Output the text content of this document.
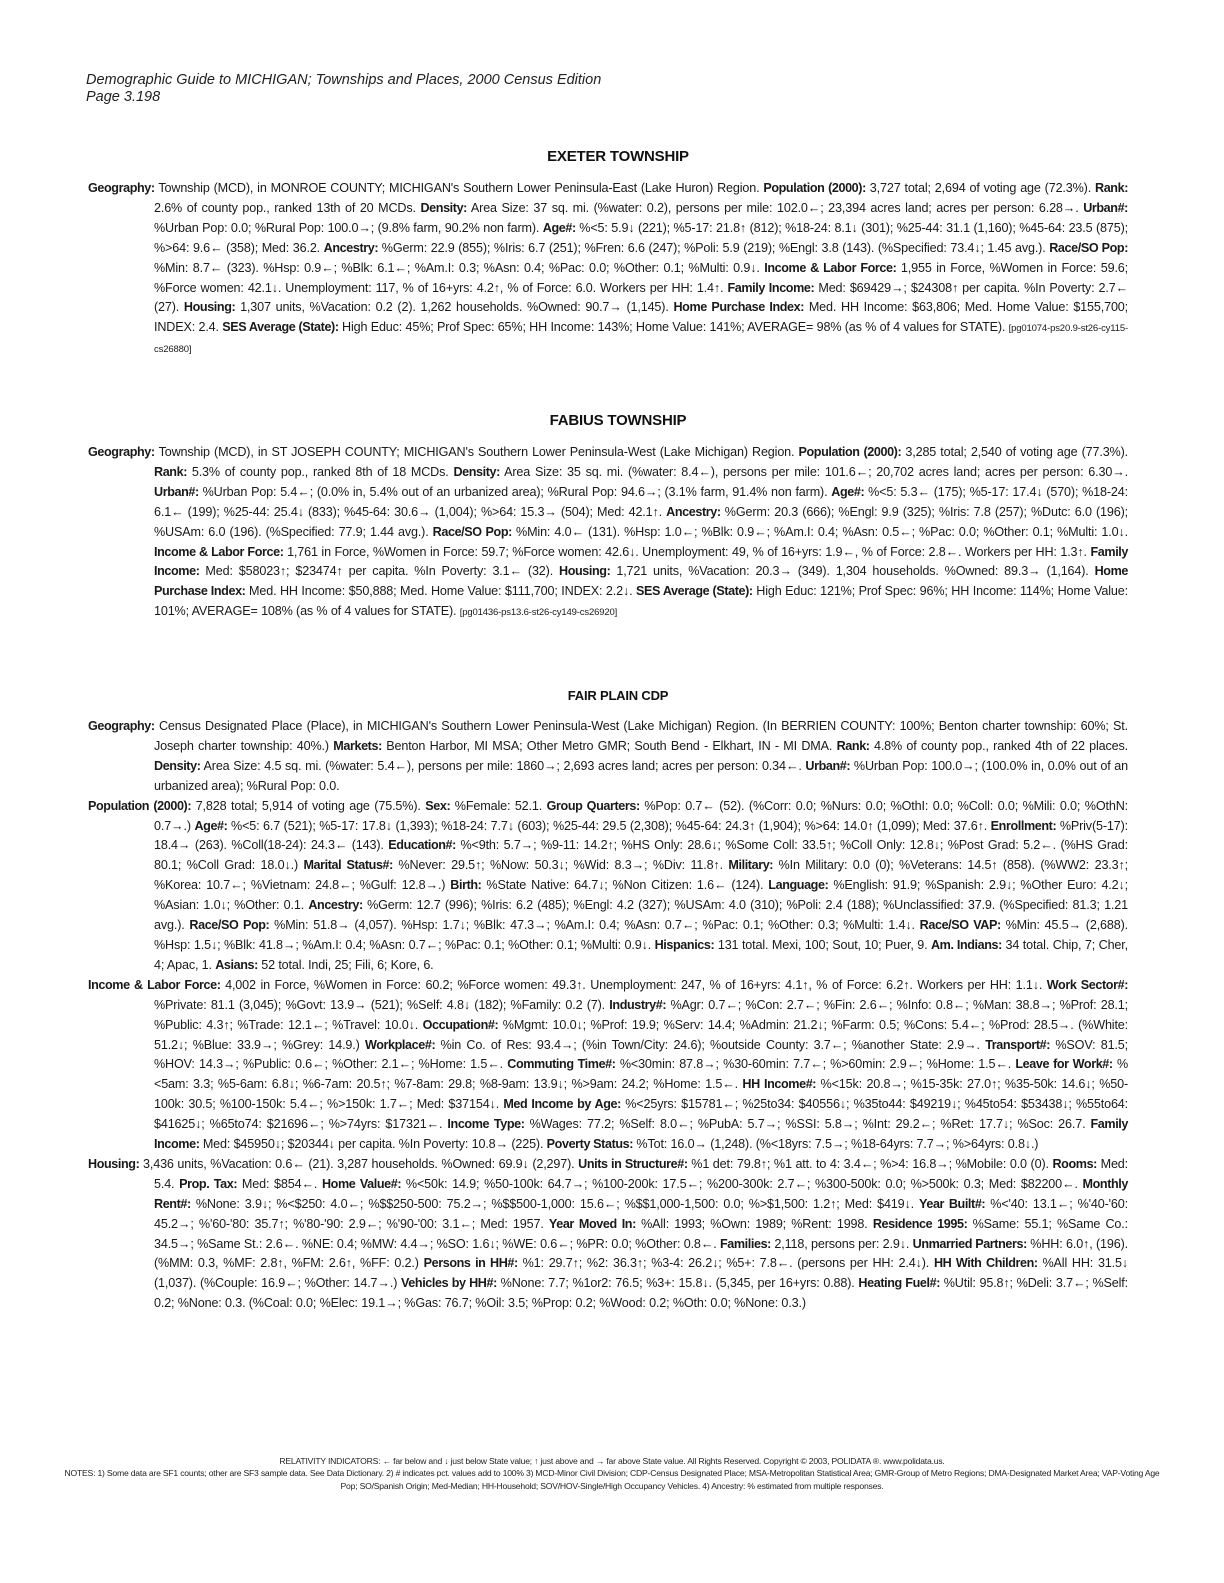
Demographic Guide to MICHIGAN; Townships and Places, 2000 Census Edition
Page 3.198
EXETER TOWNSHIP

Geography: Township (MCD), in MONROE COUNTY; MICHIGAN's Southern Lower Peninsula-East (Lake Huron) Region. Population (2000): 3,727 total; 2,694 of voting age (72.3%). Rank: 2.6% of county pop., ranked 13th of 20 MCDs. Density: Area Size: 37 sq. mi. (%water: 0.2), persons per mile: 102.0←; 23,394 acres land; acres per person: 6.28→. Urban#: %Urban Pop: 0.0; %Rural Pop: 100.0→; (9.8% farm, 90.2% non farm). Age#: %<5: 5.9↓ (221); %5-17: 21.8↑ (812); %18-24: 8.1↓ (301); %25-44: 31.1 (1,160); %45-64: 23.5 (875); %>64: 9.6← (358); Med: 36.2. Ancestry: %Germ: 22.9 (855); %Iris: 6.7 (251); %Fren: 6.6 (247); %Poli: 5.9 (219); %Engl: 3.8 (143). (%Specified: 73.4↓; 1.45 avg.). Race/SO Pop: %Min: 8.7← (323). %Hsp: 0.9←; %Blk: 6.1←; %Am.I: 0.3; %Asn: 0.4; %Pac: 0.0; %Other: 0.1; %Multi: 0.9↓. Income & Labor Force: 1,955 in Force, %Women in Force: 59.6; %Force women: 42.1↓. Unemployment: 117, % of 16+yrs: 4.2↑, % of Force: 6.0. Workers per HH: 1.4↑. Family Income: Med: $69429→; $24308↑ per capita. %In Poverty: 2.7← (27). Housing: 1,307 units, %Vacation: 0.2 (2). 1,262 households. %Owned: 90.7→ (1,145). Home Purchase Index: Med. HH Income: $63,806; Med. Home Value: $155,700; INDEX: 2.4. SES Average (State): High Educ: 45%; Prof Spec: 65%; HH Income: 143%; Home Value: 141%; AVERAGE= 98% (as % of 4 values for STATE). [pg01074-ps20.9-st26-cy115-cs26880]

FABIUS TOWNSHIP

Geography: Township (MCD), in ST JOSEPH COUNTY; MICHIGAN's Southern Lower Peninsula-West (Lake Michigan) Region. Population (2000): 3,285 total; 2,540 of voting age (77.3%). Rank: 5.3% of county pop., ranked 8th of 18 MCDs. Density: Area Size: 35 sq. mi. (%water: 8.4←), persons per mile: 101.6←; 20,702 acres land; acres per person: 6.30→. Urban#: %Urban Pop: 5.4←; (0.0% in, 5.4% out of an urbanized area); %Rural Pop: 94.6→; (3.1% farm, 91.4% non farm). Age#: %<5: 5.3← (175); %5-17: 17.4↓ (570); %18-24: 6.1← (199); %25-44: 25.4↓ (833); %45-64: 30.6→ (1,004); %>64: 15.3→ (504); Med: 42.1↑. Ancestry: %Germ: 20.3 (666); %Engl: 9.9 (325); %Iris: 7.8 (257); %Dutc: 6.0 (196); %USAm: 6.0 (196). (%Specified: 77.9; 1.44 avg.). Race/SO Pop: %Min: 4.0← (131). %Hsp: 1.0←; %Blk: 0.9←; %Am.I: 0.4; %Asn: 0.5←; %Pac: 0.0; %Other: 0.1; %Multi: 1.0↓. Income & Labor Force: 1,761 in Force, %Women in Force: 59.7; %Force women: 42.6↓. Unemployment: 49, % of 16+yrs: 1.9←, % of Force: 2.8←. Workers per HH: 1.3↑. Family Income: Med: $58023↑; $23474↑ per capita. %In Poverty: 3.1← (32). Housing: 1,721 units, %Vacation: 20.3→ (349). 1,304 households. %Owned: 89.3→ (1,164). Home Purchase Index: Med. HH Income: $50,888; Med. Home Value: $111,700; INDEX: 2.2↓. SES Average (State): High Educ: 121%; Prof Spec: 96%; HH Income: 114%; Home Value: 101%; AVERAGE= 108% (as % of 4 values for STATE). [pg01436-ps13.6-st26-cy149-cs26920]

FAIR PLAIN CDP

Geography: Census Designated Place (Place), in MICHIGAN's Southern Lower Peninsula-West (Lake Michigan) Region. (In BERRIEN COUNTY: 100%; Benton charter township: 60%; St. Joseph charter township: 40%.) Markets: Benton Harbor, MI MSA; Other Metro GMR; South Bend - Elkhart, IN - MI DMA. Rank: 4.8% of county pop., ranked 4th of 22 places. Density: Area Size: 4.5 sq. mi. (%water: 5.4←), persons per mile: 1860→; 2,693 acres land; acres per person: 0.34←. Urban#: %Urban Pop: 100.0→; (100.0% in, 0.0% out of an urbanized area); %Rural Pop: 0.0.

Population (2000): 7,828 total; 5,914 of voting age (75.5%). Sex: %Female: 52.1. Group Quarters: %Pop: 0.7← (52). (%Corr: 0.0; %Nurs: 0.0; %OthI: 0.0; %Coll: 0.0; %Mili: 0.0; %OthN: 0.7→.) Age#: %<5: 6.7 (521); %5-17: 17.8↓ (1,393); %18-24: 7.7↓ (603); %25-44: 29.5 (2,308); %45-64: 24.3↑ (1,904); %>64: 14.0↑ (1,099); Med: 37.6↑. Enrollment: %Priv(5-17): 18.4→ (263). %Coll(18-24): 24.3← (143). Education#: %<9th: 5.7→; %9-11: 14.2↑; %HS Only: 28.6↓; %Some Coll: 33.5↑; %Coll Only: 12.8↓; %Post Grad: 5.2←. (%HS Grad: 80.1; %Coll Grad: 18.0↓.) Marital Status#: %Never: 29.5↑; %Now: 50.3↓; %Wid: 8.3→; %Div: 11.8↑. Military: %In Military: 0.0 (0); %Veterans: 14.5↑ (858). (%WW2: 23.3↑; %Korea: 10.7←; %Vietnam: 24.8←; %Gulf: 12.8→.) Birth: %State Native: 64.7↓; %Non Citizen: 1.6← (124). Language: %English: 91.9; %Spanish: 2.9↓; %Other Euro: 4.2↓; %Asian: 1.0↓; %Other: 0.1. Ancestry: %Germ: 12.7 (996); %Iris: 6.2 (485); %Engl: 4.2 (327); %USAm: 4.0 (310); %Poli: 2.4 (188); %Unclassified: 37.9. (%Specified: 81.3; 1.21 avg.). Race/SO Pop: %Min: 51.8→ (4,057). %Hsp: 1.7↓; %Blk: 47.3→; %Am.I: 0.4; %Asn: 0.7←; %Pac: 0.1; %Other: 0.3; %Multi: 1.4↓. Race/SO VAP: %Min: 45.5→ (2,688). %Hsp: 1.5↓; %Blk: 41.8→; %Am.I: 0.4; %Asn: 0.7←; %Pac: 0.1; %Other: 0.1; %Multi: 0.9↓. Hispanics: 131 total. Mexi, 100; Sout, 10; Puer, 9. Am. Indians: 34 total. Chip, 7; Cher, 4; Apac, 1. Asians: 52 total. Indi, 25; Fili, 6; Kore, 6.

Income & Labor Force: 4,002 in Force, %Women in Force: 60.2; %Force women: 49.3↑. Unemployment: 247, % of 16+yrs: 4.1↑, % of Force: 6.2↑. Workers per HH: 1.1↓. Work Sector#: %Private: 81.1 (3,045); %Govt: 13.9→ (521); %Self: 4.8↓ (182); %Family: 0.2 (7). Industry#: %Agr: 0.7←; %Con: 2.7←; %Fin: 2.6←; %Info: 0.8←; %Man: 38.8→; %Prof: 28.1; %Public: 4.3↑; %Trade: 12.1←; %Travel: 10.0↓. Occupation#: %Mgmt: 10.0↓; %Prof: 19.9; %Serv: 14.4; %Admin: 21.2↓; %Farm: 0.5; %Cons: 5.4←; %Prod: 28.5→. (%White: 51.2↓; %Blue: 33.9→; %Grey: 14.9.) Workplace#: %in Co. of Res: 93.4→; (%in Town/City: 24.6); %outside County: 3.7←; %another State: 2.9→. Transport#: %SOV: 81.5; %HOV: 14.3→; %Public: 0.6←; %Other: 2.1←; %Home: 1.5←. Commuting Time#: %<30min: 87.8→; %30-60min: 7.7←; %>60min: 2.9←; %Home: 1.5←. Leave for Work#: %<5am: 3.3; %5-6am: 6.8↓; %6-7am: 20.5↑; %7-8am: 29.8; %8-9am: 13.9↓; %>9am: 24.2; %Home: 1.5←. HH Income#: %<15k: 20.8→; %15-35k: 27.0↑; %35-50k: 14.6↓; %50-100k: 30.5; %100-150k: 5.4←; %>150k: 1.7←; Med: $37154↓. Med Income by Age: %<25yrs: $15781←; %25to34: $40556↓; %35to44: $49219↓; %45to54: $53438↓; %55to64: $41625↓; %65to74: $21696←; %>74yrs: $17321←. Income Type: %Wages: 77.2; %Self: 8.0←; %PubA: 5.7→; %SSI: 5.8→; %Int: 29.2←; %Ret: 17.7↓; %Soc: 26.7. Family Income: Med: $45950↓; $20344↓ per capita. %In Poverty: 10.8→ (225). Poverty Status: %Tot: 16.0→ (1,248). (%<18yrs: 7.5→; %18-64yrs: 7.7→; %>64yrs: 0.8↓.)

Housing: 3,436 units, %Vacation: 0.6← (21). 3,287 households. %Owned: 69.9↓ (2,297). Units in Structure#: %1 det: 79.8↑; %1 att. to 4: 3.4←; %>4: 16.8→; %Mobile: 0.0 (0). Rooms: Med: 5.4. Prop. Tax: Med: $854←. Home Value#: %<50k: 14.9; %50-100k: 64.7→; %100-200k: 17.5←; %200-300k: 2.7←; %300-500k: 0.0; %>500k: 0.3; Med: $82200←. Monthly Rent#: %None: 3.9↓; %<$250: 4.0←; %$$250-500: 75.2→; %$$500-1,000: 15.6←; %$$1,000-1,500: 0.0; %>$1,500: 1.2↑; Med: $419↓. Year Built#: %<'40: 13.1←; %'40-'60: 45.2→; %'60-'80: 35.7↑; %'80-'90: 2.9←; %'90-'00: 3.1←; Med: 1957. Year Moved In: %All: 1993; %Own: 1989; %Rent: 1998. Residence 1995: %Same: 55.1; %Same Co.: 34.5→; %Same St.: 2.6←. %NE: 0.4; %MW: 4.4→; %SO: 1.6↓; %WE: 0.6←; %PR: 0.0; %Other: 0.8←. Families: 2,118, persons per: 2.9↓. Unmarried Partners: %HH: 6.0↑, (196). (%MM: 0.3, %MF: 2.8↑, %FM: 2.6↑, %FF: 0.2.) Persons in HH#: %1: 29.7↑; %2: 36.3↑; %3-4: 26.2↓; %5+: 7.8←. (persons per HH: 2.4↓). HH With Children: %All HH: 31.5↓ (1,037). (%Couple: 16.9←; %Other: 14.7→.) Vehicles by HH#: %None: 7.7; %1or2: 76.5; %3+: 15.8↓. (5,345, per 16+yrs: 0.88). Heating Fuel#: %Util: 95.8↑; %Deli: 3.7←; %Self: 0.2; %None: 0.3. (%Coal: 0.0; %Elec: 19.1→; %Gas: 76.7; %Oil: 3.5; %Prop: 0.2; %Wood: 0.2; %Oth: 0.0; %None: 0.3.)

RELATIVITY INDICATORS: ← far below and ↓ just below State value; ↑ just above and → far above State value. All Rights Reserved. Copyright © 2003, POLIDATA ®. www.polidata.us.
NOTES: 1) Some data are SF1 counts; other are SF3 sample data. See Data Dictionary. 2) # indicates pct. values add to 100% 3) MCD-Minor Civil Division; CDP-Census Designated Place; MSA-Metropolitan Statistical Area; GMR-Group of Metro Regions; DMA-Designated Market Area; VAP-Voting Age Pop; SO/Spanish Origin; Med-Median; HH-Household; SOV/HOV-Single/High Occupancy Vehicles. 4) Ancestry: % estimated from multiple responses.
